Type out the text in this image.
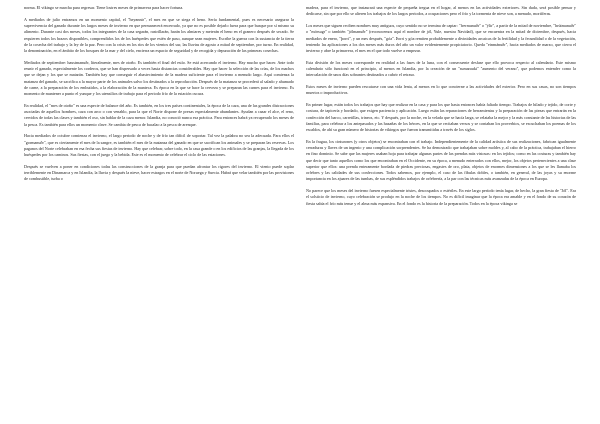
norma. El vikingo se marcha para regresar. Tiene lostres meses de primavera para hacer fortuna.

A mediados de julio entramos en un momento capital, el "heyannir", el mes en que se siega el heno. Sería fundamental, pues es necesario asegurar la supervivencia del ganado durante los largos meses de invierno en que permanecerá encerrado, ya que no es posible dejarlo fuera para que busque por sí mismo su alimento. Durante casi dos meses, todos los integrantes de la casa segarán, rastrillarán, harán los almiares y meterán el heno en el granero después de secado. Se requieren todos los brazos disponibles, comprendidos los de los huéspedes que estén de paso, aunque sean mujeres. Escribe la guerra con la sustancia de la tierra de la cosecha del trabajo y la ley de la paz. Pero con la crisis en los ríos de los vientos del sur, las lluvias de agosto a mitad de septiembre, por turno. En realidad, la denominación, en el ámbito de los bosques de la mar y del cielo, encierra un espacio de seguridad y de recogida y depuración de las primeras cosechas.

Mediados de septiembre: haustmanuðr, literalmente, mes de otoño. Es también el final del estío. Se está acercando el invierno. Hay mucho que hacer. Ante todo reunir el ganado, especialmente los corderos, que se han dispersado a veces hasta distancias considerables. Hay que hacer la selección de las crías, de los machos que se dejan y los que se matarán. También hay que conseguir el abastecimiento de la madera suficiente para el invierno a menudo largo. Aquí comienza la matanza del ganado, se sacrifica a la mayor parte de los animales salvo los destinados a la reproducción. Después de la matanza se procederá al salado y ahumado de carne, a la preparación de los embutidos, a la elaboración de la manteca. Es época en la que se hace la cerveza y se preparan las carnes para el invierno. Es momento de mantener a punto el yunque y los utensilios de trabajo para el periodo frío de la estación oscura.

En realidad, el "mes de otoño" es una especie de balance del año. Es también, en los tres países continentales, la época de la caza, una de las grandes distracciones asociadas de aquellos hombres, caza con arco o con venablo, para la que el Norte dispone de presas especialmente abundantes. Ayudan a cazar el alce, el reno, cervidos de todas las clases y también el oso, sin hablar de la caza menor. Islandia, no conoció nunca esa práctica. Para entonces habrá ya recuperado los meses de la pesca. Es también para ellos un momento clave. Se cambia de pesca de bacalao a la pesca de arenque.

Hacia mediados de octubre comienza el invierno, el largo periodo de noche y de frío tan difícil de soportar. Tal vez la palabra no sea la adecuada. Para ellos el "gormanuðr", que es ciertamente el mes de la sangre, es también el mes de la matanza del ganado en que se sacrifican los animales y se preparan las reservas. Los paganos del Norte celebraban en esa fecha sus fiestas de invierno. Hay que celebrar, sobre todo, en la casa grande o en los edificios de las granjas, la llegada de los huéspedes por los caminos. Sus fiestas, con el juego y la bebida. Este es el momento de celebrar el ciclo de las estaciones.

Después se vuelven a poner en condiciones todas las construcciones de la granja para que puedan afrontar los rigores del invierno. El viento puede soplar terriblemente en Dinamarca y en Islandia, la lluvia y después la nieve, hacer estragos en el norte de Noruega y Suecia. Habrá que velar también por las provisiones de combustible, turba o

madera, para el invierno, que instaurará una especie de pequeña tregua en el hogar, al menos en las actividades exteriores. Sin duda, será posible pensar y dedicarse, sin que por ello se alteren los trabajos de los largos periodos, a ocupaciones pero el frío y la tormenta de nieve son, a menudo, mortíferas.

Los meses que siguen reciben nombres muy antiguos, cuyo sentido no se termina de captar: "frermanuðr" o "ýlir", a partir de la mitad de noviembre, "hrútmanuðr" o "mörsugr" o también "jólmanuðr" (reconocemos aquí el nombre de jól, Yule, nuestra Navidad), que se encuentra en la mitad de diciembre, después, hacia mediados de enero, "þorri", y un mes después, "góa". Þorri y góa remiten probablemente a divinidades arcaicas de la fertilidad y la fecundidad o de la vegetación, teniendo las aplicaciones a los dos meses más duros del año un valor evidentemente propiciatorio. Queda "einmánuðr", hacia mediados de marzo, que cierra el invierno y abre la primavera, el mes en el que todo vuelve a empezar.

Esta división de los meses corresponde en realidad a las fases de la luna, con el consecuente desfase que ello provoca respecto al calendario. Este mismo calendario sólo funcionó en el principio, al menos en Islandia, por la creación de un "sumarauki" "aumento del verano", que podemos entender como la intercalación de unos días sobrantes destinados a cubrir el retraso.

Estos meses de invierno pueden rescatarse con una vida lenta, al menos en lo que concierne a las actividades del exterior. Pero en sus casas, no son tiempos muertos o improductivos.

En primer lugar, están todos los trabajos que hay que realizar en la casa y para los que hasta entonces había faltado tiempo. Trabajos de hilado y tejido, de corte y costura, de tapicería y bordado, que exigen paciencia y aplicación. Luego están las reparaciones de herramientas y la preparación de las piezas que entrarán en la confección del barco, carretillas, trineos, etc. Y después, por la noche, en la velada que se hacía larga, se relataba la mejor y la más constante de las historias de las familias, para celebrar a los antepasados y las hazañas de los héroes, en la que se recitaban versos y se contaban los proverbios, se escuchaban los poemas de los escaldos, de ahí su gran número de historias de vikingos que fueron transmitidas a través de los siglos.

En la fragua, los cinturones (y otros objetos) se encontraban con el trabajo. Independientemente de la calidad artística de sus realizaciones, fabrican igualmente cerraduras y llaves de un ingenio y una complicación sorprendentes. Se ha demostrado que trabajaban sobre moldes y, al cabo de la práctica, trabajaban el hierro en fino dominio. Se sabe que las mujeres usaban hoja para trabajar algunas partes de las prendas más vistosas: en los tejidos; como en las costuras y también hay que decir que tanto aquellos como los que encontraban en el Occidente, en su época, a menudo enterrados con ellos, mejor, los objetos pertenecientes a una clase superior que ellos: una prenda enteramente bordada de piedras preciosas, engastes de oro, plata, objetos de enormes dimensiones a los que se les llamaba los orfebres y las calidades de sus confecciones. Todos sabemos, por ejemplo, el caso de las fíbulas dobles, o también, en general, de las joyas y su enorme importancia en los ajuares de las tumbas, de sus espléndidos trabajos de orfebrería, a la par con las técnicas más avanzadas de la época en Europa.

No parece que los meses del invierno fuesen especialmente tristes, desocupados o estériles. En este largo período tenía lugar, de hecho, la gran fiesta de "Jól". Era el solsticio de invierno, cuyo celebración se produjo en la noche de los tiempos. No es difícil imaginar que la época era amable y en el fondo de su corazón de fiesta sabía el frío más tenue y el alma más expansiva. En el fondo es la historia de la preparación. Todos en la época vikinga se
